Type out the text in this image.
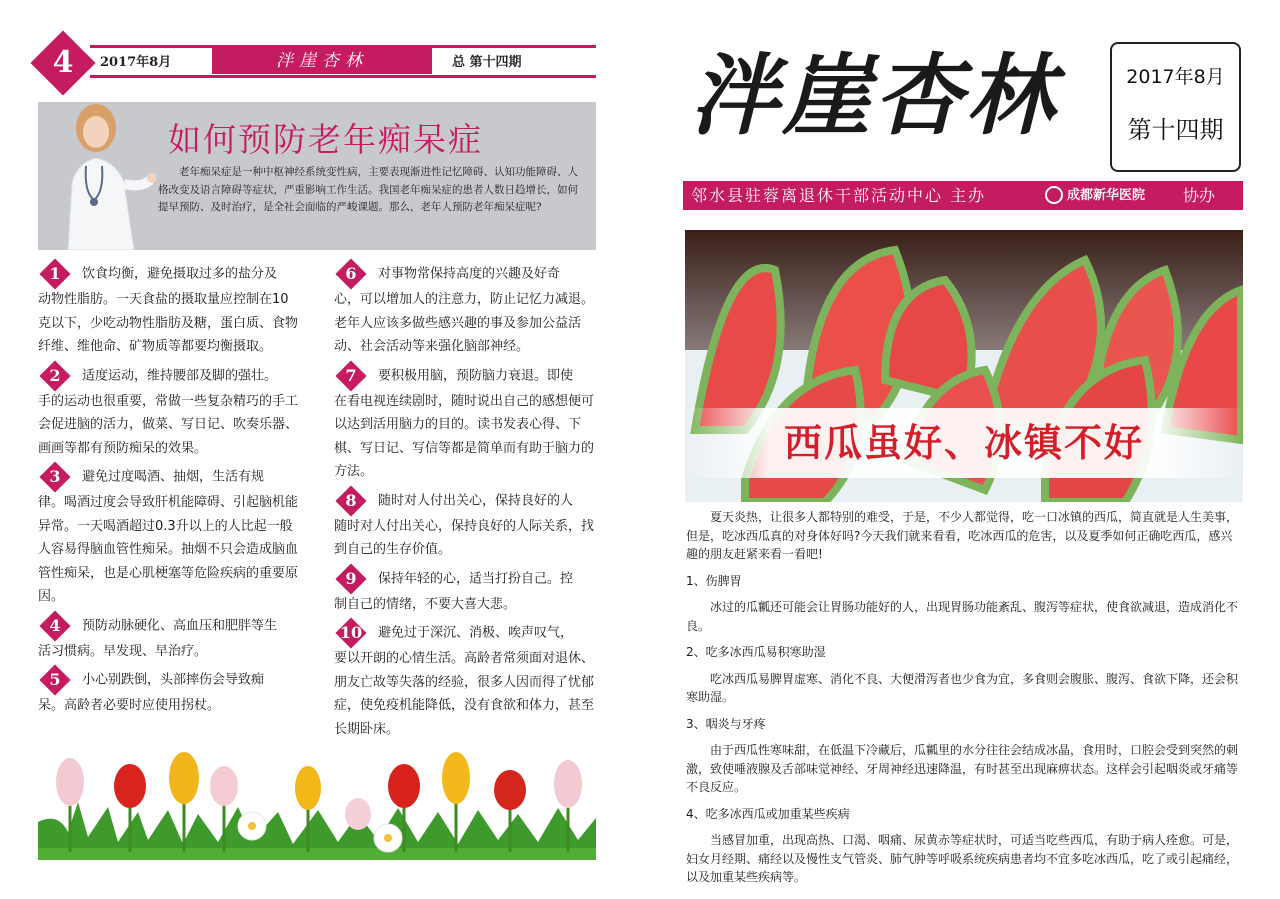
4	2017年8月	泮崖杏林	总 第十四期
如何预防老年痴呆症
老年痴呆症是一种中枢神经系统变性病，主要表现渐进性记忆障碍、认知功能障碍、人格改变及语言障碍等症状，严重影响工作生活。我国老年痴呆症的患者人数日趋增长，如何提早预防、及时治疗，是全社会面临的严峻课题。那么，老年人预防老年痴呆症呢?
1	饮食均衡，避免摄取过多的盐分及
动物性脂肪。一天食盐的摄取量应控制在10克以下，少吃动物性脂肪及糖，蛋白质、食物纤维、维他命、矿物质等都要均衡摄取。
2	适度运动，维持腰部及脚的强壮。
手的运动也很重要，常做一些复杂精巧的手工会促进脑的活力，做菜、写日记、吹奏乐器、画画等都有预防痴呆的效果。
3	避免过度喝酒、抽烟，生活有规
律。喝酒过度会导致肝机能障碍、引起脑机能异常。一天喝酒超过0.3升以上的人比起一般人容易得脑血管性痴呆。抽烟不只会造成脑血管性痴呆，也是心肌梗塞等危险疾病的重要原因。
4	预防动脉硬化、高血压和肥胖等生
活习惯病。早发现、早治疗。
5	小心别跌倒，头部摔伤会导致痴
呆。高龄者必要时应使用拐杖。
6	对事物常保持高度的兴趣及好奇
心，可以增加人的注意力，防止记忆力减退。老年人应该多做些感兴趣的事及参加公益活动、社会活动等来强化脑部神经。
7	要积极用脑，预防脑力衰退。即使
在看电视连续剧时，随时说出自己的感想便可以达到活用脑力的目的。读书发表心得、下棋、写日记、写信等都是简单而有助于脑力的方法。
8	随时对人付出关心，保持良好的人
随时对人付出关心，保持良好的人际关系，找到自己的生存价值。
9	保持年轻的心，适当打扮自己。控
制自己的情绪，不要大喜大悲。
10	避免过于深沉、消极、唉声叹气，
要以开朗的心情生活。高龄者常须面对退休、朋友亡故等失落的经验，很多人因而得了忧郁症，使免疫机能降低，没有食欲和体力，甚至长期卧床。
泮崖杏林	2017年8月
第十四期
邻水县驻蓉离退休干部活动中心 主办	成都新华医院 协办
西瓜虽好、冰镇不好

夏天炎热，让很多人都特别的难受，于是，不少人都觉得，吃一口冰镇的西瓜，简直就是人生美事，但是，吃冰西瓜真的对身体好吗?今天我们就来看看，吃冰西瓜的危害，以及夏季如何正确吃西瓜，感兴趣的朋友赶紧来看一看吧!

1、伤脾胃

冰过的瓜瓤还可能会让胃肠功能好的人，出现胃肠功能紊乱、腹泻等症状，使食欲减退，造成消化不良。

2、吃多冰西瓜易积寒助湿

吃冰西瓜易脾胃虚寒、消化不良、大便滑泻者也少食为宜，多食则会腹胀、腹泻、食欲下降，还会积寒助湿。

3、咽炎与牙疼

由于西瓜性寒味甜，在低温下冷藏后，瓜瓤里的水分往往会结成冰晶，食用时，口腔会受到突然的刺激，致使唾液腺及舌部味觉神经、牙周神经迅速降温，有时甚至出现麻痹状态。这样会引起咽炎或牙痛等不良反应。

4、吃多冰西瓜或加重某些疾病

当感冒加重，出现高热、口渴、咽痛、尿黄赤等症状时，可适当吃些西瓜，有助于病人痊愈。可是，妇女月经期、痛经以及慢性支气管炎、肺气肿等呼吸系统疾病患者均不宜多吃冰西瓜，吃了或引起痛经，以及加重某些疾病等。
